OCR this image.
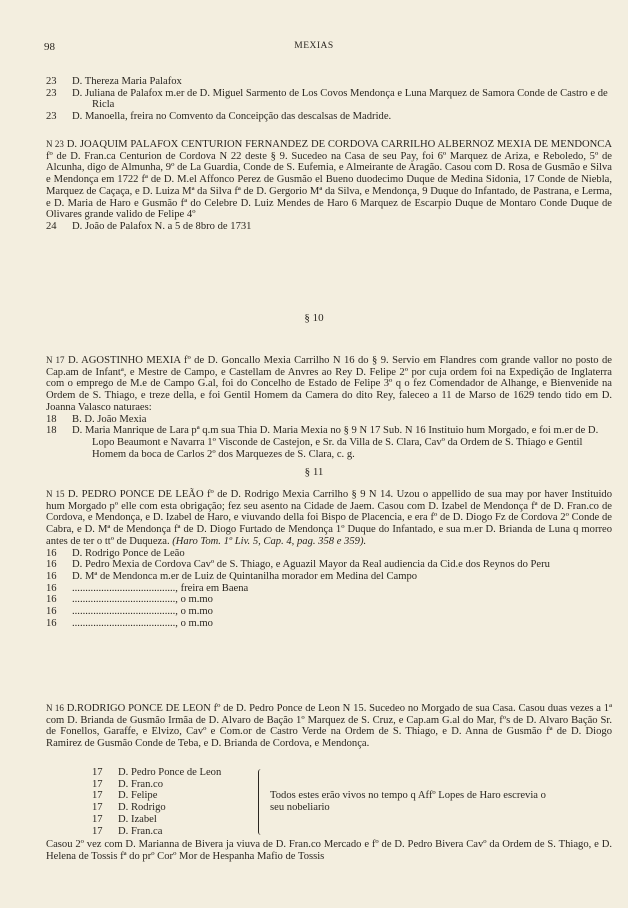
98	MEXIAS

23 D. Thereza Maria Palafox

23 D. Juliana de Palafox m.er de D. Miguel Sarmento de Los Covos Mendonça e Luna Marquez de Samora Conde de Castro e de Ricla

23 D. Manoella, freira no Comvento da Conceipção das descalsas de Madride.

N 23 D. JOAQUIM PALAFOX CENTURION FERNANDEZ DE CORDOVA CARRILHO ALBERNOZ MEXIA DE MENDONCA fº de D. Fran.ca Centurion de Cordova N 22 deste § 9. Sucedeo na Casa de seu Pay, foi 6º Marquez de Ariza, e Reboledo, 5º de Alcunha, digo de Almunha, 9º de La Guardia, Conde de S. Eufemia, e Almeirante de Aragão. Casou com D. Rosa de Gusmão e Silva e Mendonça em 1722 fª de D. M.el Affonco Perez de Gusmão el Bueno duodecimo Duque de Medina Sidonia, 17 Conde de Niebla, Marquez de Caçaça, e D. Luiza Mª da Silva fª de D. Gergorio Mª da Silva, e Mendonça, 9 Duque do Infantado, de Pastrana, e Lerma, e D. Maria de Haro e Gusmão fª do Celebre D. Luiz Mendes de Haro 6 Marquez de Escarpio Duque de Montaro Conde Duque de Olivares grande valido de Felipe 4º

24 D. João de Palafox N. a 5 de 8bro de 1731

§ 10

N 17 D. AGOSTINHO MEXIA fº de D. Goncallo Mexia Carrilho N 16 do § 9. Servio em Flandres com grande vallor no posto de Cap.am de Infantª, e Mestre de Campo, e Castellam de Anvres ao Rey D. Felipe 2º por cuja ordem foi na Expedição de Inglaterra com o emprego de M.e de Campo G.al, foi do Concelho de Estado de Felipe 3º q o fez Comendador de Alhange, e Bienvenide na Ordem de S. Thiago, e treze della, e foi Gentil Homem da Camera do dito Rey, faleceo a 11 de Marso de 1629 tendo tido em D. Joanna Valasco naturaes:

18 B. D. João Mexia

18 D. Maria Manrique de Lara pª q.m sua Thia D. Maria Mexia no § 9 N 17 Sub. N 16 Instituio hum Morgado, e foi m.er de D. Lopo Beaumont e Navarra 1º Visconde de Castejon, e Sr. da Villa de S. Clara, Cavº da Ordem de S. Thiago e Gentil Homem da boca de Carlos 2º dos Marquezes de S. Clara, c. g.

§ 11

N 15 D. PEDRO PONCE DE LEÃO fº de D. Rodrigo Mexia Carrilho § 9 N 14. Uzou o appellido de sua may por haver Instituido hum Morgado pº elle com esta obrigação; fez seu asento na Cidade de Jaem. Casou com D. Izabel de Mendonça fª de D. Fran.co de Cordova, e Mendonça, e D. Izabel de Haro, e viuvando della foi Bispo de Placencia, e era fº de D. Diogo Fz de Cordova 2º Conde de Cabra, e D. Mª de Mendonça fª de D. Diogo Furtado de Mendonça 1º Duque do Infantado, e sua m.er D. Brianda de Luna q morreo antes de ter o ttº de Duqueza. (Haro Tom. 1º Liv. 5, Cap. 4, pag. 358 e 359).

16 D. Rodrigo Ponce de Leão

16 D. Pedro Mexia de Cordova Cavº de S. Thiago, e Aguazil Mayor da Real audiencia da Cid.e dos Reynos do Peru

16 D. Mª de Mendonca m.er de Luiz de Quintanilha morador em Medina del Campo

16 ......................................., freira em Baena

16 ......................................., o m.mo

16 ......................................., o m.mo

16 ......................................., o m.mo

N 16 D.RODRIGO PONCE DE LEON fº de D. Pedro Ponce de Leon N 15. Sucedeo no Morgado de sua Casa. Casou duas vezes a 1ª com D. Brianda de Gusmão Irmãa de D. Alvaro de Bação 1º Marquez de S. Cruz, e Cap.am G.al do Mar, fºs de D. Alvaro Bação Sr. de Fonellos, Garaffe, e Elvizo, Cavº e Com.or de Castro Verde na Ordem de S. Thiago, e D. Anna de Gusmão fª de D. Diogo Ramirez de Gusmão Conde de Teba, e D. Brianda de Cordova, e Mendonça.

17 D. Pedro Ponce de Leon
17 D. Fran.co
17 D. Felipe
17 D. Rodrigo
17 D. Izabel
17 D. Fran.ca
Todos estes erão vivos no tempo q Affº Lopes de Haro escrevia o seu nobeliario

Casou 2º vez com D. Marianna de Bivera ja viuva de D. Fran.co Mercado e fº de D. Pedro Bivera Cavº da Ordem de S. Thiago, e D. Helena de Tossis fª do prº Corº Mor de Hespanha Mafio de Tossis
